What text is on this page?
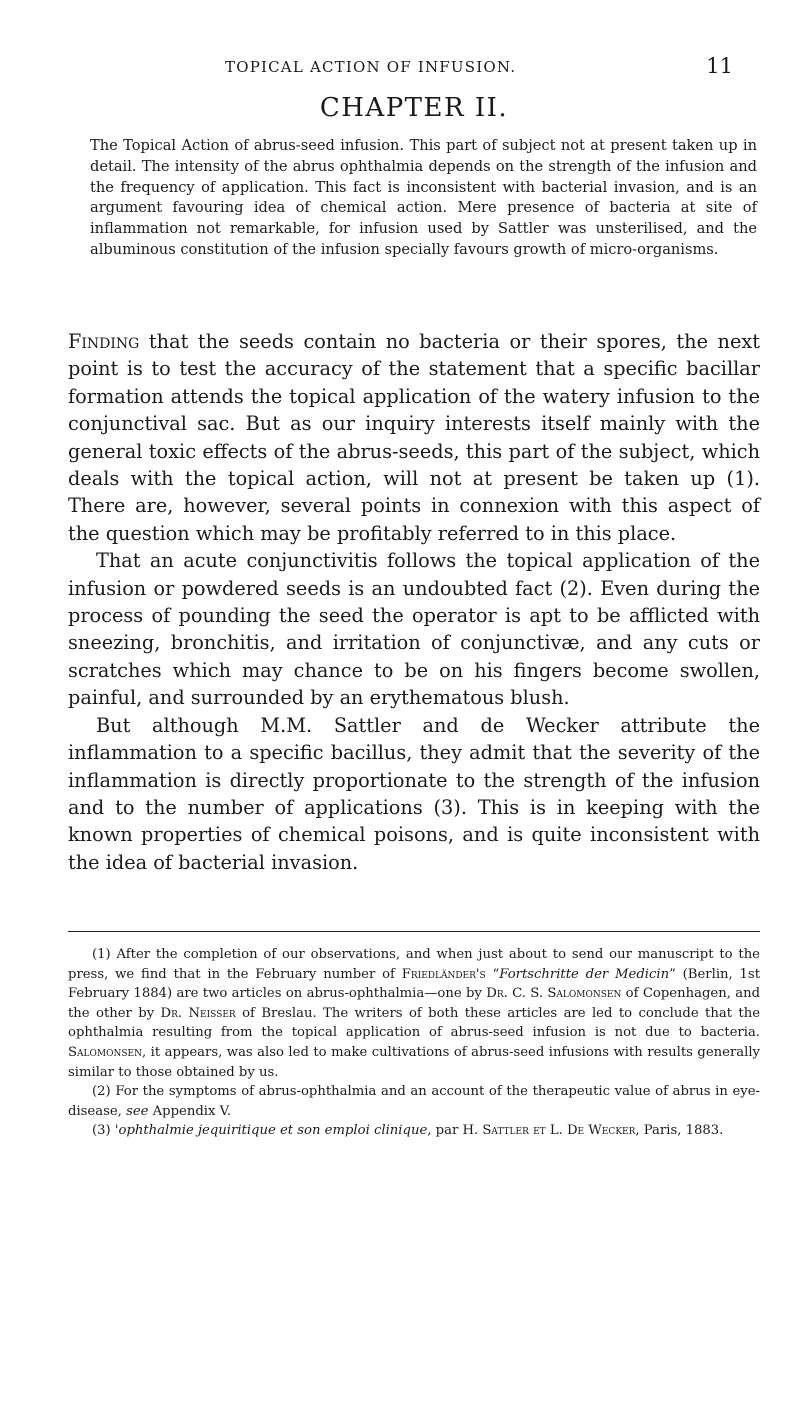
TOPICAL ACTION OF INFUSION.	11
CHAPTER II.
The Topical Action of abrus-seed infusion. This part of subject not at present taken up in detail. The intensity of the abrus ophthalmia depends on the strength of the infusion and the frequency of application. This fact is inconsistent with bacterial invasion, and is an argument favouring idea of chemical action. Mere presence of bacteria at site of inflammation not remarkable, for infusion used by Sattler was unsterilised, and the albuminous constitution of the infusion specially favours growth of micro-organisms.

Finding that the seeds contain no bacteria or their spores, the next point is to test the accuracy of the statement that a specific bacillar formation attends the topical application of the watery infusion to the conjunctival sac. But as our inquiry interests itself mainly with the general toxic effects of the abrus-seeds, this part of the subject, which deals with the topical action, will not at present be taken up (1). There are, however, several points in connexion with this aspect of the question which may be profitably referred to in this place.

That an acute conjunctivitis follows the topical application of the infusion or powdered seeds is an undoubted fact (2). Even during the process of pounding the seed the operator is apt to be afflicted with sneezing, bronchitis, and irritation of conjunctivæ, and any cuts or scratches which may chance to be on his fingers become swollen, painful, and surrounded by an erythematous blush.

But although M.M. Sattler and de Wecker attribute the inflammation to a specific bacillus, they admit that the severity of the inflammation is directly proportionate to the strength of the infusion and to the number of applications (3). This is in keeping with the known properties of chemical poisons, and is quite inconsistent with the idea of bacterial invasion.

(1) After the completion of our observations, and when just about to send our manuscript to the press, we find that in the February number of Friedländer's “Fortschritte der Medicin” (Berlin, 1st February 1884) are two articles on abrus-ophthalmia—one by Dr. C. S. Salomonsen of Copenhagen, and the other by Dr. Neisser of Breslau. The writers of both these articles are led to conclude that the ophthalmia resulting from the topical application of abrus-seed infusion is not due to bacteria. Salomonsen, it appears, was also led to make cultivations of abrus-seed infusions with results generally similar to those obtained by us.

(2) For the symptoms of abrus-ophthalmia and an account of the therapeutic value of abrus in eye-disease, see Appendix V.

(3) 'ophthalmie jequiritique et son emploi clinique, par H. Sattler et L. De Wecker, Paris, 1883.
